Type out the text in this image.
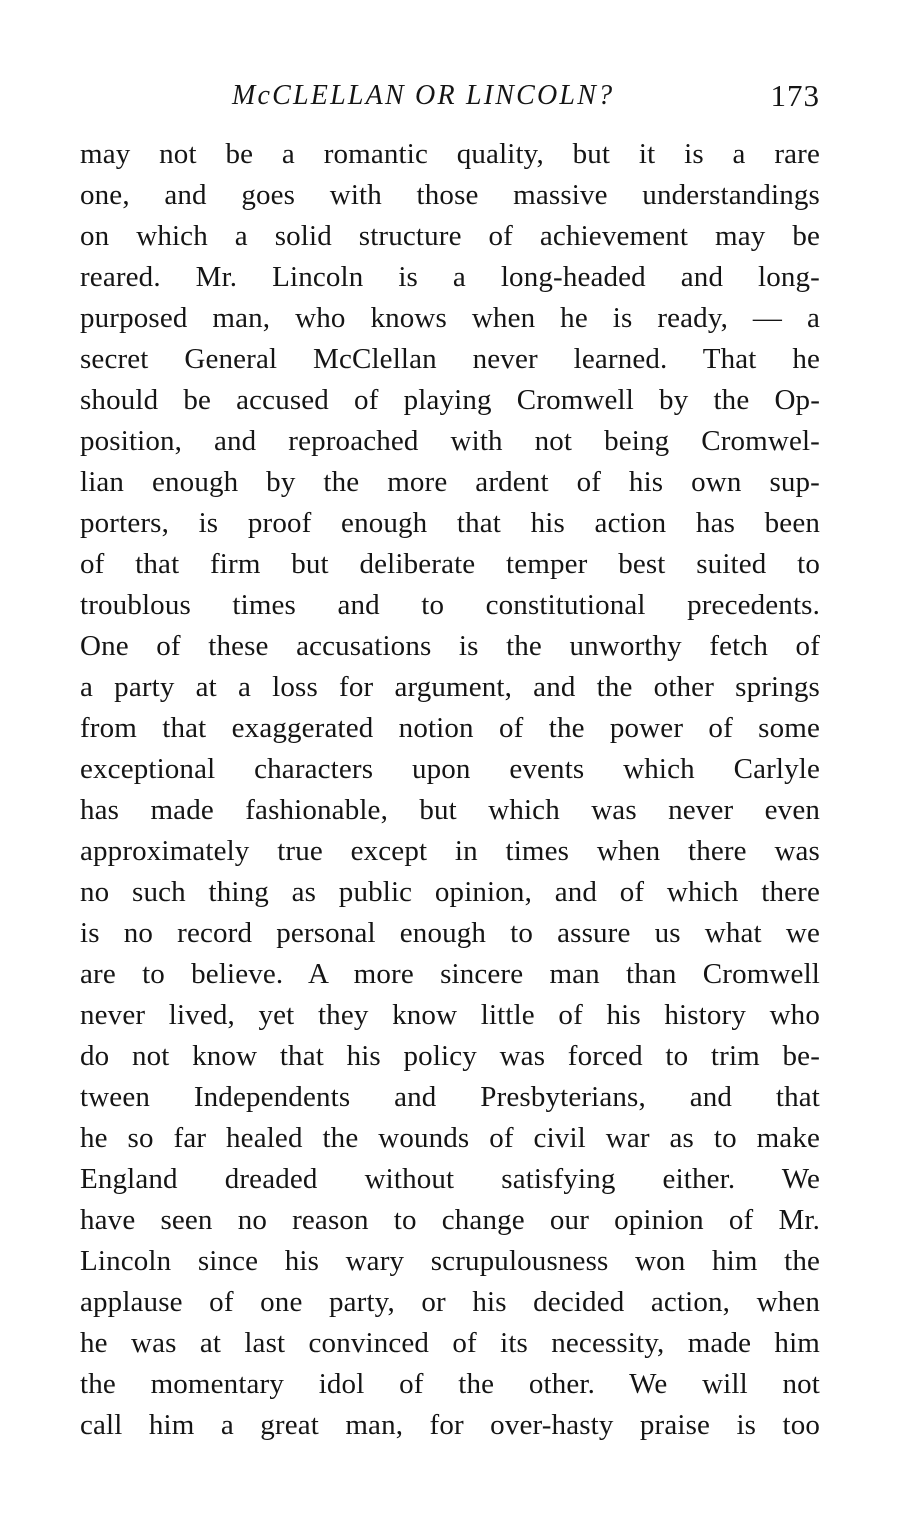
McCLELLAN OR LINCOLN?	173
may not be a romantic quality, but it is a rare
one, and goes with those massive understandings
on which a solid structure of achievement may be
reared. Mr. Lincoln is a long-headed and long-
purposed man, who knows when he is ready, — a
secret General McClellan never learned. That he
should be accused of playing Cromwell by the Op-
position, and reproached with not being Cromwel-
lian enough by the more ardent of his own sup-
porters, is proof enough that his action has been
of that firm but deliberate temper best suited to
troublous times and to constitutional precedents.
One of these accusations is the unworthy fetch of
a party at a loss for argument, and the other springs
from that exaggerated notion of the power of some
exceptional characters upon events which Carlyle
has made fashionable, but which was never even
approximately true except in times when there was
no such thing as public opinion, and of which there
is no record personal enough to assure us what we
are to believe. A more sincere man than Cromwell
never lived, yet they know little of his history who
do not know that his policy was forced to trim be-
tween Independents and Presbyterians, and that
he so far healed the wounds of civil war as to make
England dreaded without satisfying either. We
have seen no reason to change our opinion of Mr.
Lincoln since his wary scrupulousness won him the
applause of one party, or his decided action, when
he was at last convinced of its necessity, made him
the momentary idol of the other. We will not
call him a great man, for over-hasty praise is too
